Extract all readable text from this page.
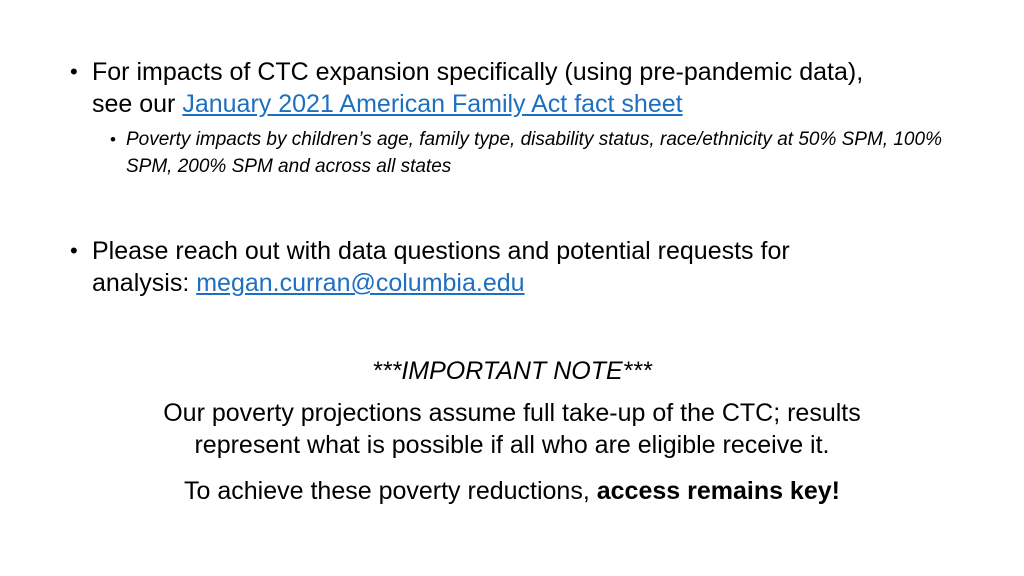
• For impacts of CTC expansion specifically (using pre-pandemic data),
see our January 2021 American Family Act fact sheet
• Poverty impacts by children’s age, family type, disability status, race/ethnicity at 50% SPM, 100% SPM, 200% SPM and across all states
• Please reach out with data questions and potential requests for
analysis: megan.curran@columbia.edu
***IMPORTANT NOTE***
Our poverty projections assume full take-up of the CTC; results
represent what is possible if all who are eligible receive it.
To achieve these poverty reductions, access remains key!
